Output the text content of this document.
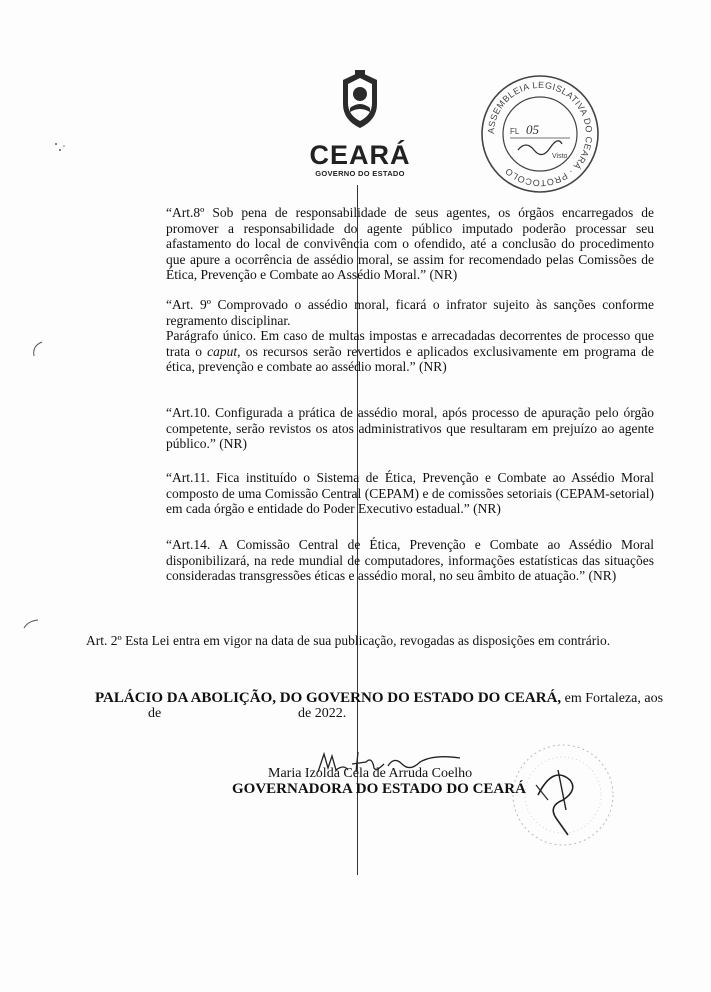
CEARÁ
GOVERNO DO ESTADO
ASSEMBLEIA LEGISLATIVA DO CEARÁ · PROTOCOLO
FL 05
Visto
“Art.8º Sob pena de responsabilidade de seus agentes, os órgãos encarregados de promover a responsabilidade do agente público imputado poderão processar seu afastamento do local de convivência com o ofendido, até a conclusão do procedimento que apure a ocorrência de assédio moral, se assim for recomendado pelas Comissões de Ética, Prevenção e Combate ao Assédio Moral.” (NR)
“Art. 9º Comprovado o assédio moral, ficará o infrator sujeito às sanções conforme regramento disciplinar.
Parágrafo único. Em caso de multas impostas e arrecadadas decorrentes de processo que trata o caput, os recursos serão revertidos e aplicados exclusivamente em programa de ética, prevenção e combate ao assédio moral.” (NR)
“Art.10. Configurada a prática de assédio moral, após processo de apuração pelo órgão competente, serão revistos os atos administrativos que resultaram em prejuízo ao agente público.” (NR)
“Art.11. Fica instituído o Sistema de Ética, Prevenção e Combate ao Assédio Moral composto de uma Comissão Central (CEPAM) e de comissões setoriais (CEPAM-setorial) em cada órgão e entidade do Poder Executivo estadual.” (NR)
“Art.14. A Comissão Central de Ética, Prevenção e Combate ao Assédio Moral disponibilizará, na rede mundial de computadores, informações estatísticas das situações consideradas transgressões éticas e assédio moral, no seu âmbito de atuação.” (NR)
Art. 2º Esta Lei entra em vigor na data de sua publicação, revogadas as disposições em contrário.
PALÁCIO DA ABOLIÇÃO, DO GOVERNO DO ESTADO DO CEARÁ, em Fortaleza, aos
de	de 2022.
Maria Izolda Cela de Arruda Coelho
GOVERNADORA DO ESTADO DO CEARÁ
